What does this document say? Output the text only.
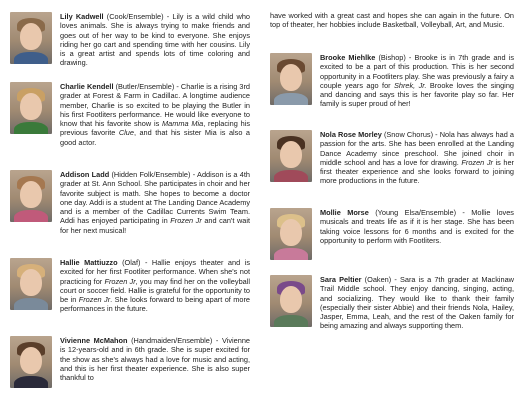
Lily Kadwell (Cook/Ensemble) - Lily is a wild child who loves animals. She is always trying to make friends and goes out of her way to be kind to everyone. She enjoys riding her go cart and spending time with her cousins. Lily is a great artist and spends lots of time coloring and drawing.

Charlie Kendell (Butler/Ensemble) - Charlie is a rising 3rd grader at Forest & Farm in Cadillac. A longtime audience member, Charlie is so excited to be playing the Butler in his first Footliters performance. He would like everyone to know that his favorite show is Mamma Mia, replacing his previous favorite Clue, and that his sister Mia is also a good actor.

Addison Ladd (Hidden Folk/Ensemble) - Addison is a 4th grader at St. Ann School. She participates in choir and her favorite subject is math. She hopes to become a doctor one day. Addi is a student at The Landing Dance Academy and is a member of the Cadillac Currents Swim Team. Addi has enjoyed participating in Frozen Jr and can't wait for her next musical!

Hallie Mattiuzzo (Olaf) - Hallie enjoys theater and is excited for her first Footliter performance. When she's not practicing for Frozen Jr, you may find her on the volleyball court or soccer field. Hallie is grateful for the opportunity to be in Frozen Jr. She looks forward to being apart of more performances in the future.

Vivienne McMahon (Handmaiden/Ensemble) - Vivienne is 12-years-old and in 6th grade. She is super excited for the show as she's always had a love for music and acting, and this is her first theater experience. She is also super thankful to

have worked with a great cast and hopes she can again in the future. On top of theater, her hobbies include Basketball, Volleyball, Art, and Music.

Brooke Miehlke (Bishop) - Brooke is in 7th grade and is excited to be a part of this production. This is her second opportunity in a Footliters play. She was previously a fairy a couple years ago for Shrek, Jr. Brooke loves the singing and dancing and says this is her favorite play so far. Her family is super proud of her!

Nola Rose Morley (Snow Chorus) - Nola has always had a passion for the arts. She has been enrolled at the Landing Dance Academy since preschool. She joined choir in middle school and has a love for drawing. Frozen Jr is her first theater experience and she looks forward to joining more productions in the future.

Mollie Morse (Young Elsa/Ensemble) - Mollie loves musicals and treats life as if it is her stage. She has been taking voice lessons for 6 months and is excited for the opportunity to perform with Footliters.

Sara Peltier (Oaken) - Sara is a 7th grader at Mackinaw Trail Middle school. They enjoy dancing, singing, acting, and socializing. They would like to thank their family (especially their sister Abbie) and their friends Nola, Hailey, Jasper, Emma, Leah, and the rest of the Oaken family for being amazing and always supporting them.
